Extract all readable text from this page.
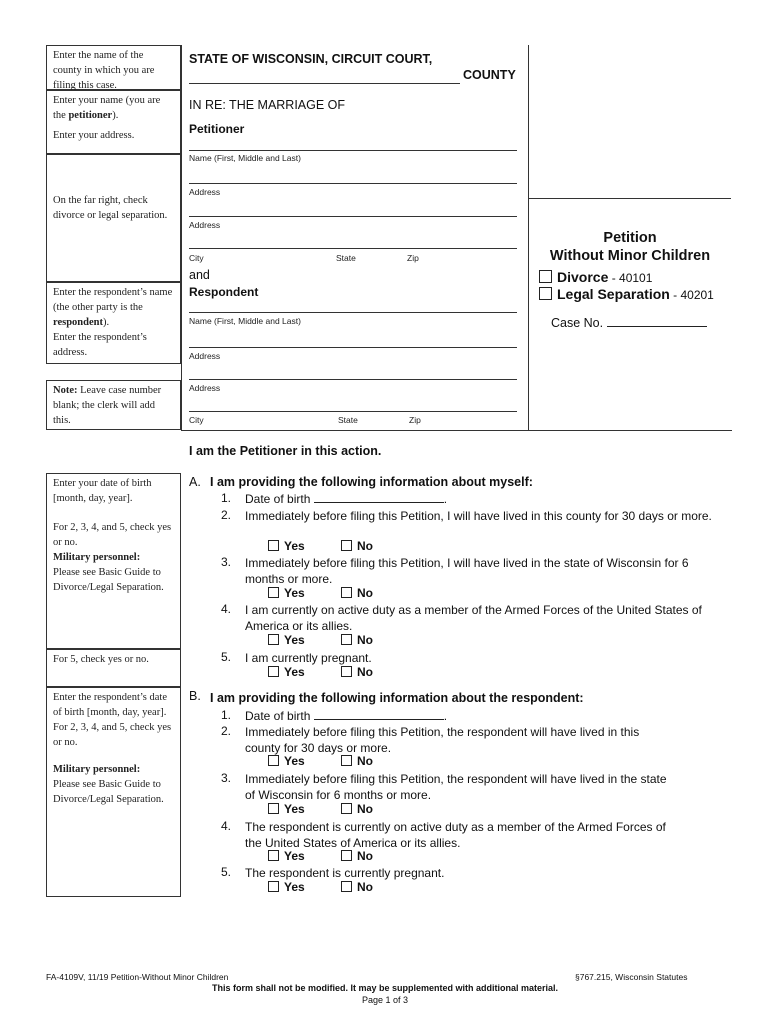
Enter the name of the county in which you are filing this case.
Enter your name (you are the petitioner).
Enter your address.
On the far right, check divorce or legal separation.
Enter the respondent’s name (the other party is the respondent).
Enter the respondent’s address.
Note: Leave case number blank; the clerk will add this.
Enter your date of birth [month, day, year].
For 2, 3, 4, and 5, check yes or no.
Military personnel:
Please see Basic Guide to Divorce/Legal Separation.
For 5, check yes or no.
Enter the respondent’s date of birth [month, day, year].
For 2, 3, 4, and 5, check yes or no.
Military personnel:
Please see Basic Guide to Divorce/Legal Separation.
STATE OF WISCONSIN, CIRCUIT COURT,
COUNTY
IN RE: THE MARRIAGE OF
Petitioner
Name (First, Middle and Last)
Address
Address
City	State	Zip
and
Respondent
Name (First, Middle and Last)
Address
Address
City	State	Zip
Petition
Without Minor Children
Divorce - 40101
Legal Separation - 40201
Case No.
I am the Petitioner in this action.
A. I am providing the following information about myself:
1. Date of birth	.
2. Immediately before filing this Petition, I will have lived in this county for 30 days or more.
Yes	No
3. Immediately before filing this Petition, I will have lived in the state of Wisconsin for 6 months or more.
Yes	No
4. I am currently on active duty as a member of the Armed Forces of the United States of America or its allies.
Yes	No
5. I am currently pregnant.
Yes	No
B. I am providing the following information about the respondent:
1. Date of birth	.
2. Immediately before filing this Petition, the respondent will have lived in this county for 30 days or more.
Yes	No
3. Immediately before filing this Petition, the respondent will have lived in the state of Wisconsin for 6 months or more.
Yes	No
4. The respondent is currently on active duty as a member of the Armed Forces of the United States of America or its allies.
Yes	No
5. The respondent is currently pregnant.
Yes	No
FA-4109V, 11/19 Petition-Without Minor Children	§767.215, Wisconsin Statutes
This form shall not be modified. It may be supplemented with additional material.
Page 1 of 3
